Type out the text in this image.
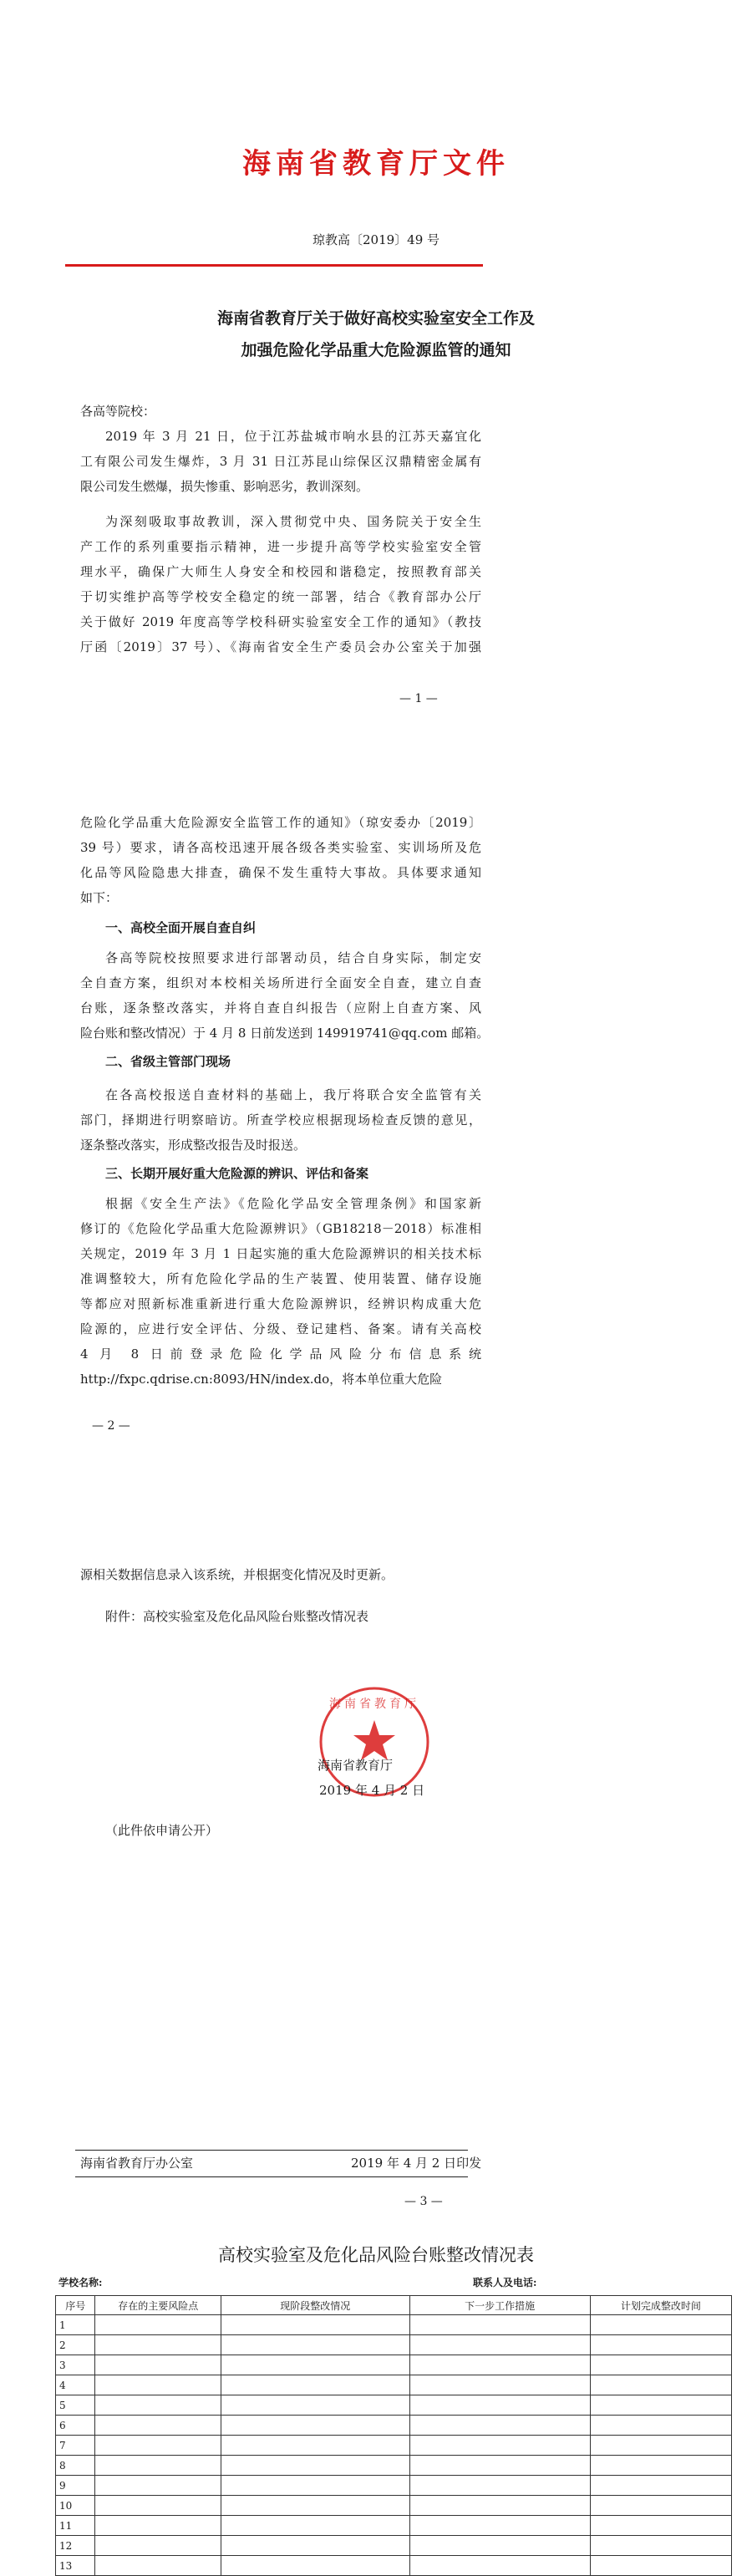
海南省教育厅文件
琼教高〔2019〕49 号
海南省教育厅关于做好高校实验室安全工作及
加强危险化学品重大危险源监管的通知
各高等院校：
2019 年 3 月 21 日，位于江苏盐城市响水县的江苏天嘉宜化
工有限公司发生爆炸，3 月 31 日江苏昆山综保区汉鼎精密金属有
限公司发生燃爆，损失惨重、影响恶劣，教训深刻。
为深刻吸取事故教训，深入贯彻党中央、国务院关于安全生
产工作的系列重要指示精神，进一步提升高等学校实验室安全管
理水平，确保广大师生人身安全和校园和谐稳定，按照教育部关
于切实维护高等学校安全稳定的统一部署，结合《教育部办公厅
关于做好 2019 年度高等学校科研实验室安全工作的通知》（教技
厅函〔2019〕37 号）、《海南省安全生产委员会办公室关于加强
— 1 —
危险化学品重大危险源安全监管工作的通知》（琼安委办〔2019〕
39 号）要求，请各高校迅速开展各级各类实验室、实训场所及危
化品等风险隐患大排查，确保不发生重特大事故。具体要求通知
如下：
一、高校全面开展自查自纠
各高等院校按照要求进行部署动员，结合自身实际，制定安
全自查方案，组织对本校相关场所进行全面安全自查，建立自查
台账，逐条整改落实，并将自查自纠报告（应附上自查方案、风
险台账和整改情况）于 4 月 8 日前发送到 149919741@qq.com 邮箱。
二、省级主管部门现场
在各高校报送自查材料的基础上，我厅将联合安全监管有关
部门，择期进行明察暗访。所查学校应根据现场检查反馈的意见，
逐条整改落实，形成整改报告及时报送。
三、长期开展好重大危险源的辨识、评估和备案
根据《安全生产法》《危险化学品安全管理条例》和国家新
修订的《危险化学品重大危险源辨识》（GB18218－2018）标准相
关规定，2019 年 3 月 1 日起实施的重大危险源辨识的相关技术标
准调整较大，所有危险化学品的生产装置、使用装置、储存设施
等都应对照新标准重新进行重大危险源辨识，经辨识构成重大危
险源的，应进行安全评估、分级、登记建档、备案。请有关高校
4 月 8 日前登录危险化学品风险分布信息系统
http://fxpc.qdrise.cn:8093/HN/index.do，将本单位重大危险
— 2 —
源相关数据信息录入该系统，并根据变化情况及时更新。
附件：高校实验室及危化品风险台账整改情况表
海南省教育厅
海南省教育厅
2019 年 4 月 2 日
（此件依申请公开）
海南省教育厅办公室	2019 年 4 月 2 日印发
— 3 —
高校实验室及危化品风险台账整改情况表
学校名称:	联系人及电话:
序号	存在的主要风险点	现阶段整改情况	下一步工作措施	计划完成整改时间
1				
2				
3				
4				
5				
6				
7				
8				
9				
10				
11				
12				
13				
